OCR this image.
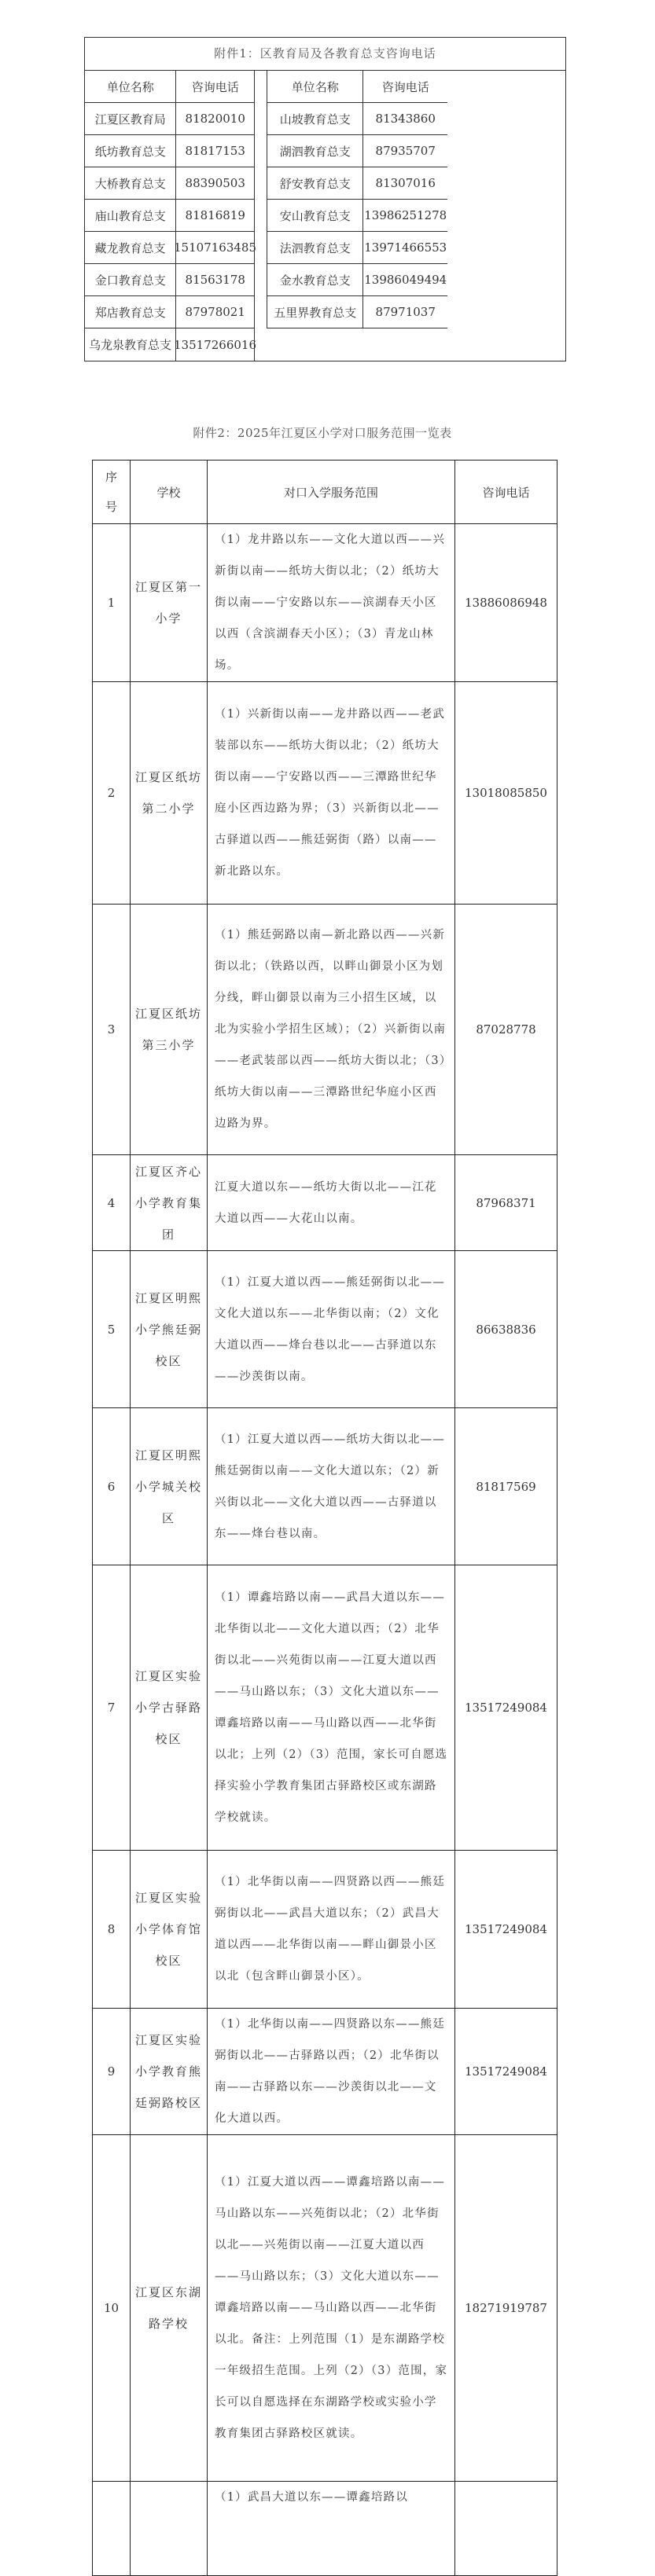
附件1：区教育局及各教育总支咨询电话
单位名称	咨询电话
江夏区教育局	81820010
纸坊教育总支	81817153
大桥教育总支	88390503
庙山教育总支	81816819
藏龙教育总支 15107163485
金口教育总支	81563178
郑店教育总支	87978021
乌龙泉教育总支 13517266016
单位名称	咨询电话
山坡教育总支	81343860
湖泗教育总支	87935707
舒安教育总支	81307016
安山教育总支	13986251278
法泗教育总支	13971466553
金水教育总支	13986049494
五里界教育总支	87971037
附件2：2025年江夏区小学对口服务范围一览表
序
号	学校	对口入学服务范围	咨询电话
1	江夏区第一小学	（1）龙井路以东——文化大道以西——兴新街以南——纸坊大街以北；（2）纸坊大街以南——宁安路以东——滨湖春天小区以西（含滨湖春天小区）；（3）青龙山林场。	13886086948
2	江夏区纸坊第二小学	（1）兴新街以南——龙井路以西——老武装部以东——纸坊大街以北；（2）纸坊大街以南——宁安路以西——三潭路世纪华庭小区西边路为界；（3）兴新街以北——古驿道以西——熊廷弼街（路）以南——新北路以东。	13018085850
3	江夏区纸坊第三小学	（1）熊廷弼路以南—新北路以西——兴新街以北；（铁路以西，以畔山御景小区为划分线，畔山御景以南为三小招生区域，以北为实验小学招生区域）；（2）兴新街以南——老武装部以西——纸坊大街以北；（3）纸坊大街以南——三潭路世纪华庭小区西边路为界。	87028778
4	江夏区齐心小学教育集团	江夏大道以东——纸坊大街以北——江花大道以西——大花山以南。	87968371
5	江夏区明熙小学熊廷弼校区	（1）江夏大道以西——熊廷弼街以北——文化大道以东——北华街以南；（2）文化大道以西——烽台巷以北——古驿道以东——沙羡街以南。	86638836
6	江夏区明熙小学城关校区	（1）江夏大道以西——纸坊大街以北——熊廷弼街以南——文化大道以东；（2）新兴街以北——文化大道以西——古驿道以东——烽台巷以南。	81817569
7	江夏区实验小学古驿路校区	（1）谭鑫培路以南——武昌大道以东——北华街以北——文化大道以西；（2）北华街以北——兴苑街以南——江夏大道以西——马山路以东；（3）文化大道以东——谭鑫培路以南——马山路以西——北华街以北；上列（2）（3）范围，家长可自愿选择实验小学教育集团古驿路校区或东湖路学校就读。	13517249084
8	江夏区实验小学体育馆校区	（1）北华街以南——四贤路以西——熊廷弼街以北——武昌大道以东；（2）武昌大道以西——北华街以南——畔山御景小区以北（包含畔山御景小区）。	13517249084
9	江夏区实验小学教育熊廷弼路校区	（1）北华街以南——四贤路以东——熊廷弼街以北——古驿路以西；（2）北华街以南——古驿路以东——沙羡街以北——文化大道以西。	13517249084
10	江夏区东湖路学校	（1）江夏大道以西——谭鑫培路以南——马山路以东——兴苑街以北；（2）北华街以北——兴苑街以南——江夏大道以西——马山路以东；（3）文化大道以东——谭鑫培路以南——马山路以西——北华街以北。备注：上列范围（1）是东湖路学校一年级招生范围。上列（2）（3）范围，家长可以自愿选择在东湖路学校或实验小学教育集团古驿路校区就读。	18271919787
		（1）武昌大道以东——谭鑫培路以	
